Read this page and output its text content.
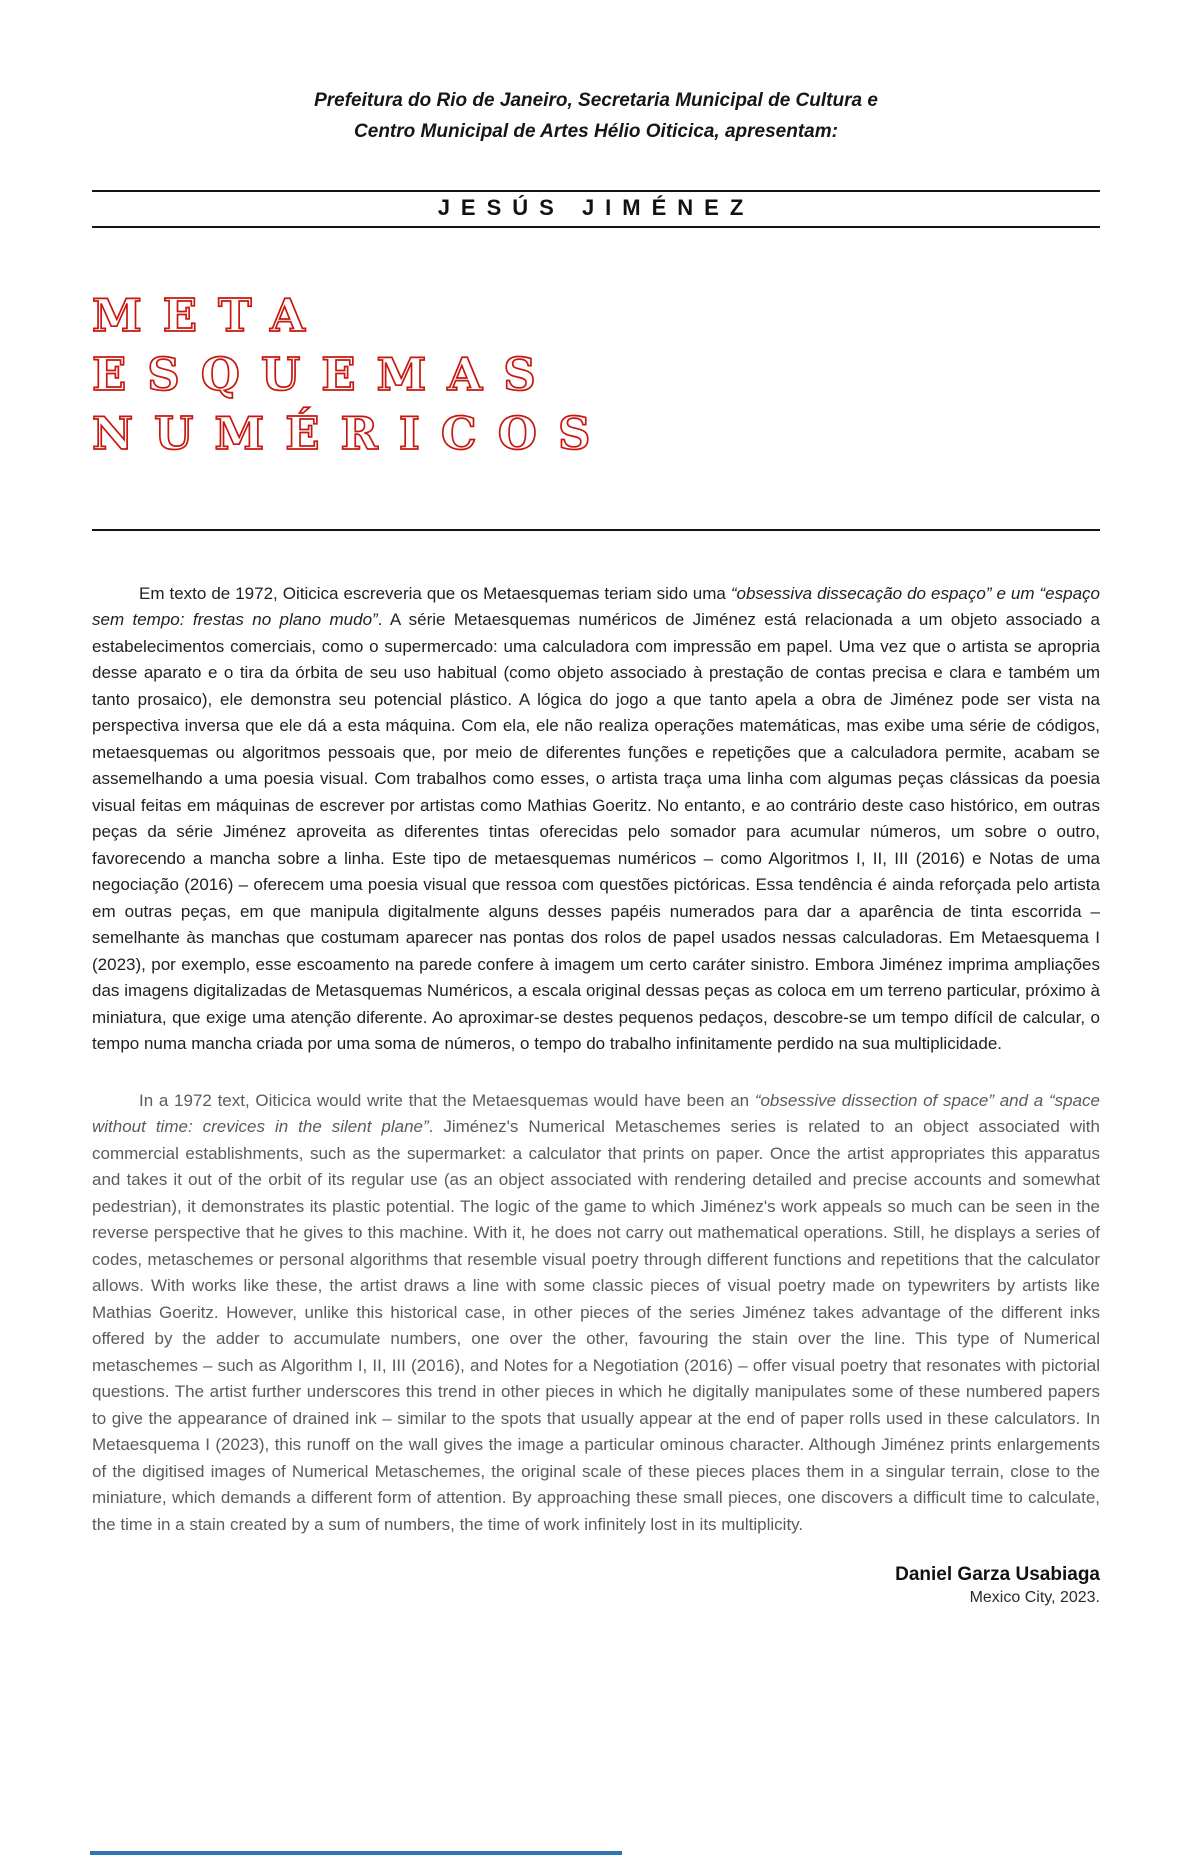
Prefeitura do Rio de Janeiro, Secretaria Municipal de Cultura e
Centro Municipal de Artes Hélio Oiticica, apresentam:
JESÚS JIMÉNEZ
META
ESQUEMAS
NUMÉRICOS

Em texto de 1972, Oiticica escreveria que os Metaesquemas teriam sido uma “obsessiva dissecação do espaço” e um “espaço sem tempo: frestas no plano mudo”. A série Metaesquemas numéricos de Jiménez está relacionada a um objeto associado a estabelecimentos comerciais, como o supermercado: uma calculadora com impressão em papel. Uma vez que o artista se apropria desse aparato e o tira da órbita de seu uso habitual (como objeto associado à prestação de contas precisa e clara e também um tanto prosaico), ele demonstra seu potencial plástico. A lógica do jogo a que tanto apela a obra de Jiménez pode ser vista na perspectiva inversa que ele dá a esta máquina. Com ela, ele não realiza operações matemáticas, mas exibe uma série de códigos, metaesquemas ou algoritmos pessoais que, por meio de diferentes funções e repetições que a calculadora permite, acabam se assemelhando a uma poesia visual. Com trabalhos como esses, o artista traça uma linha com algumas peças clássicas da poesia visual feitas em máquinas de escrever por artistas como Mathias Goeritz. No entanto, e ao contrário deste caso histórico, em outras peças da série Jiménez aproveita as diferentes tintas oferecidas pelo somador para acumular números, um sobre o outro, favorecendo a mancha sobre a linha. Este tipo de metaesquemas numéricos – como Algoritmos I, II, III (2016) e Notas de uma negociação (2016) – oferecem uma poesia visual que ressoa com questões pictóricas. Essa tendência é ainda reforçada pelo artista em outras peças, em que manipula digitalmente alguns desses papéis numerados para dar a aparência de tinta escorrida – semelhante às manchas que costumam aparecer nas pontas dos rolos de papel usados nessas calculadoras. Em Metaesquema I (2023), por exemplo, esse escoamento na parede confere à imagem um certo caráter sinistro. Embora Jiménez imprima ampliações das imagens digitalizadas de Metasquemas Numéricos, a escala original dessas peças as coloca em um terreno particular, próximo à miniatura, que exige uma atenção diferente. Ao aproximar-se destes pequenos pedaços, descobre-se um tempo difícil de calcular, o tempo numa mancha criada por uma soma de números, o tempo do trabalho infinitamente perdido na sua multiplicidade.

In a 1972 text, Oiticica would write that the Metaesquemas would have been an “obsessive dissection of space” and a “space without time: crevices in the silent plane”. Jiménez's Numerical Metaschemes series is related to an object associated with commercial establishments, such as the supermarket: a calculator that prints on paper. Once the artist appropriates this apparatus and takes it out of the orbit of its regular use (as an object associated with rendering detailed and precise accounts and somewhat pedestrian), it demonstrates its plastic potential. The logic of the game to which Jiménez's work appeals so much can be seen in the reverse perspective that he gives to this machine. With it, he does not carry out mathematical operations. Still, he displays a series of codes, metaschemes or personal algorithms that resemble visual poetry through different functions and repetitions that the calculator allows. With works like these, the artist draws a line with some classic pieces of visual poetry made on typewriters by artists like Mathias Goeritz. However, unlike this historical case, in other pieces of the series Jiménez takes advantage of the different inks offered by the adder to accumulate numbers, one over the other, favouring the stain over the line. This type of Numerical metaschemes – such as Algorithm I, II, III (2016), and Notes for a Negotiation (2016) – offer visual poetry that resonates with pictorial questions. The artist further underscores this trend in other pieces in which he digitally manipulates some of these numbered papers to give the appearance of drained ink – similar to the spots that usually appear at the end of paper rolls used in these calculators. In Metaesquema I (2023), this runoff on the wall gives the image a particular ominous character. Although Jiménez prints enlargements of the digitised images of Numerical Metaschemes, the original scale of these pieces places them in a singular terrain, close to the miniature, which demands a different form of attention. By approaching these small pieces, one discovers a difficult time to calculate, the time in a stain created by a sum of numbers, the time of work infinitely lost in its multiplicity.

Daniel Garza Usabiaga
Mexico City, 2023.
